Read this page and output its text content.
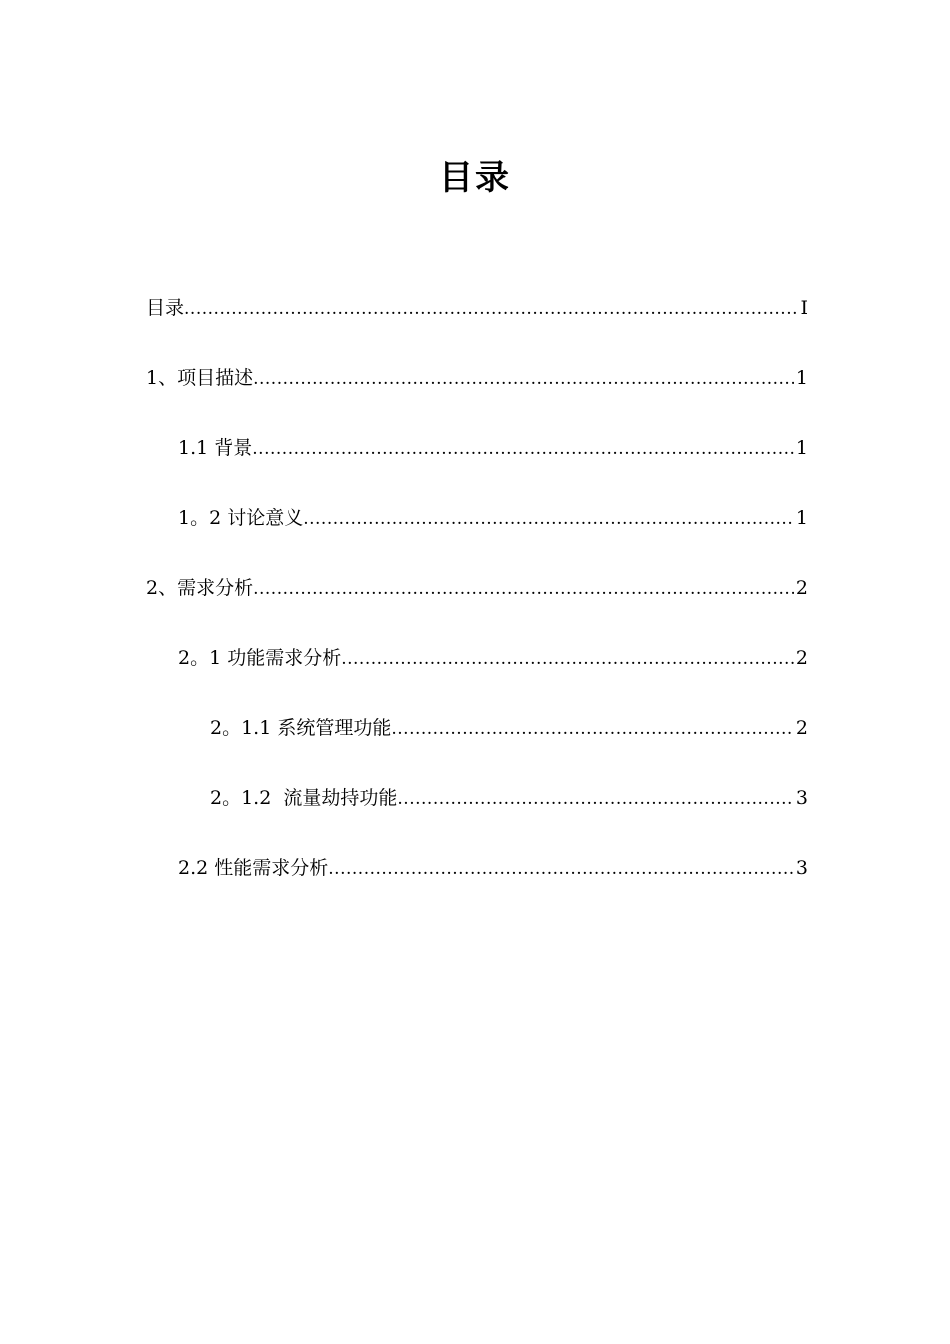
目录
目录 .....	I
1、项目描述 .....	1
1.1 背景 .....	1
1。2 讨论意义 .....	1
2、需求分析 .....	2
2。1 功能需求分析 .....	2
2。1.1 系统管理功能 .....	2
2。1.2  流量劫持功能 .....	3
2.2 性能需求分析 .....	3
